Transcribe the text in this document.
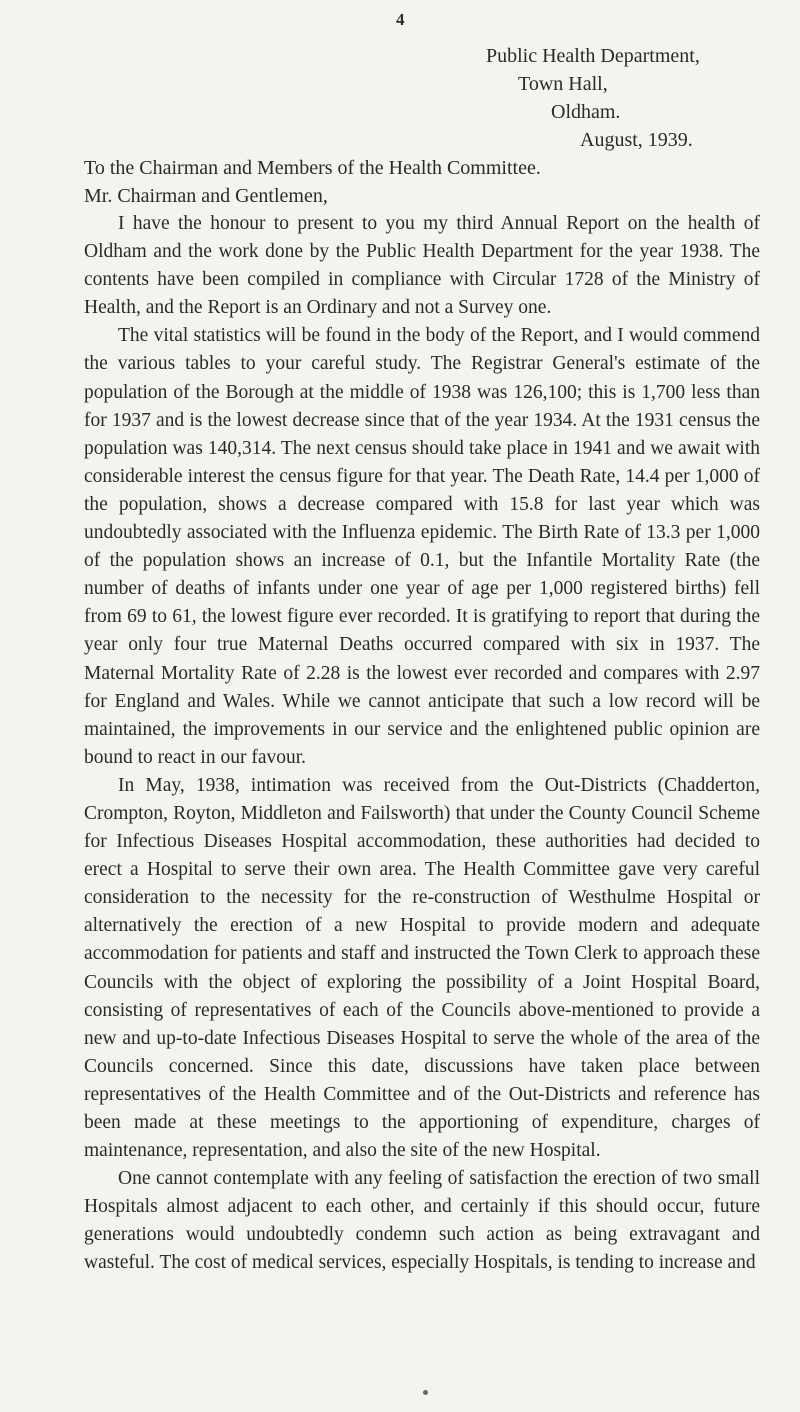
4
Public Health Department,
Town Hall,
Oldham.
August, 1939.
To the Chairman and Members of the Health Committee.
Mr. Chairman and Gentlemen,

I have the honour to present to you my third Annual Report on the health of Oldham and the work done by the Public Health Department for the year 1938. The contents have been compiled in compliance with Circular 1728 of the Ministry of Health, and the Report is an Ordinary and not a Survey one.

The vital statistics will be found in the body of the Report, and I would commend the various tables to your careful study. The Registrar General's estimate of the population of the Borough at the middle of 1938 was 126,100; this is 1,700 less than for 1937 and is the lowest decrease since that of the year 1934. At the 1931 census the population was 140,314. The next census should take place in 1941 and we await with considerable interest the census figure for that year. The Death Rate, 14.4 per 1,000 of the population, shows a decrease compared with 15.8 for last year which was undoubtedly associated with the Influenza epidemic. The Birth Rate of 13.3 per 1,000 of the population shows an increase of 0.1, but the Infantile Mortality Rate (the number of deaths of infants under one year of age per 1,000 registered births) fell from 69 to 61, the lowest figure ever recorded. It is gratifying to report that during the year only four true Maternal Deaths occurred compared with six in 1937. The Maternal Mortality Rate of 2.28 is the lowest ever recorded and compares with 2.97 for England and Wales. While we cannot anticipate that such a low record will be maintained, the improvements in our service and the enlightened public opinion are bound to react in our favour.

In May, 1938, intimation was received from the Out-Districts (Chadderton, Crompton, Royton, Middleton and Failsworth) that under the County Council Scheme for Infectious Diseases Hospital accommodation, these authorities had decided to erect a Hospital to serve their own area. The Health Committee gave very careful consideration to the necessity for the re-construction of Westhulme Hospital or alternatively the erection of a new Hospital to provide modern and adequate accommodation for patients and staff and instructed the Town Clerk to approach these Councils with the object of exploring the possibility of a Joint Hospital Board, consisting of representatives of each of the Councils above-mentioned to provide a new and up-to-date Infectious Diseases Hospital to serve the whole of the area of the Councils concerned. Since this date, discussions have taken place between representatives of the Health Committee and of the Out-Districts and reference has been made at these meetings to the apportioning of expenditure, charges of maintenance, representation, and also the site of the new Hospital.

One cannot contemplate with any feeling of satisfaction the erection of two small Hospitals almost adjacent to each other, and certainly if this should occur, future generations would undoubtedly condemn such action as being extravagant and wasteful. The cost of medical services, especially Hospitals, is tending to increase and
